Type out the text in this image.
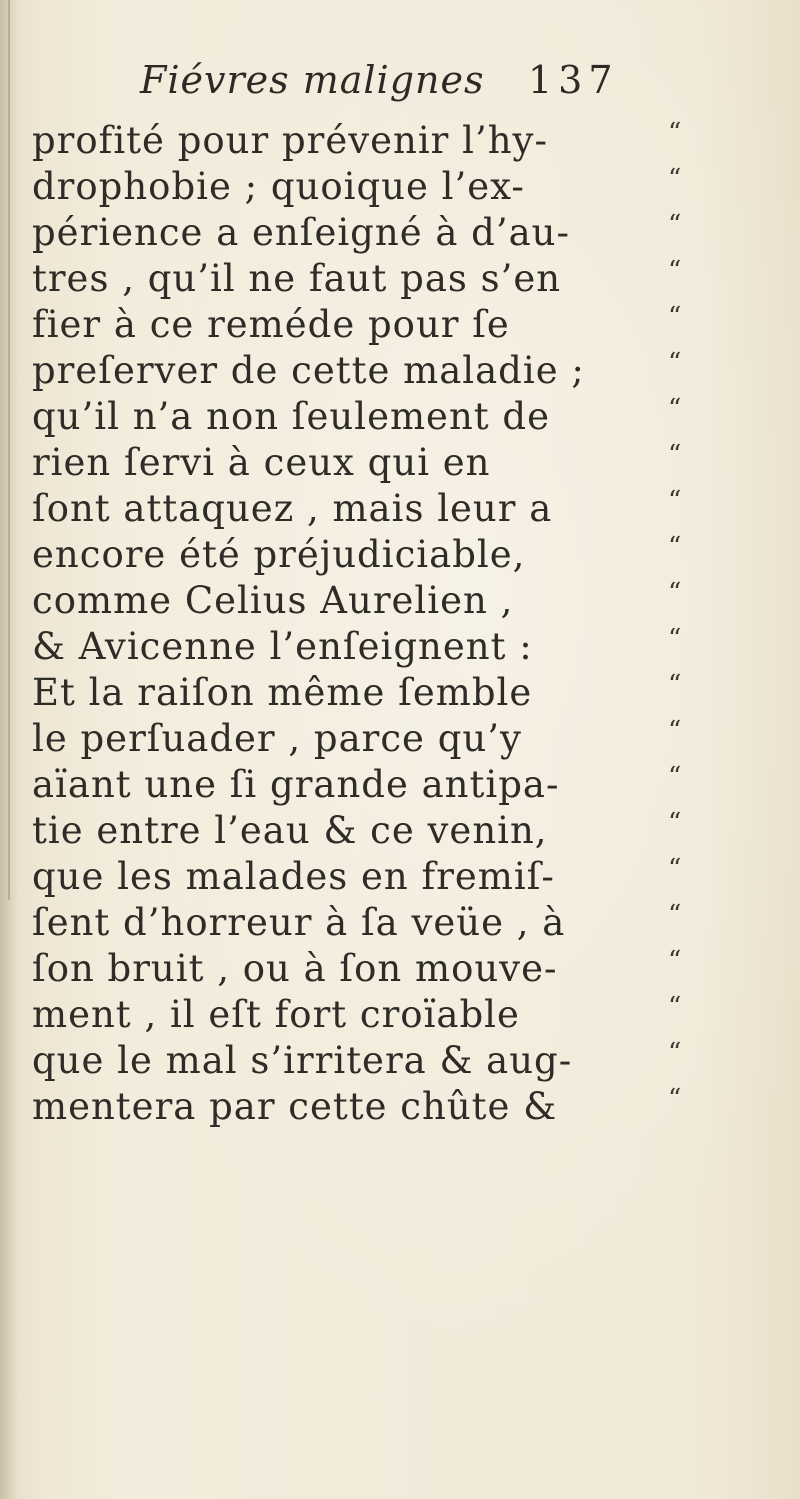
Fiévres malignes 137
profité pour prévenir l’hy-	“
drophobie ; quoique l’ex-	“
périence a enſeigné à d’au-	“
tres , qu’il ne faut pas s’en	“
fier à ce reméde pour ſe	“
preſerver de cette maladie ;	“
qu’il n’a non ſeulement de	“
rien ſervi à ceux qui en	“
ſont attaquez , mais leur a	“
encore été préjudiciable,	“
comme Celius Aurelien ,	“
& Avicenne l’enſeignent :	“
Et la raiſon même ſemble	“
le perſuader , parce qu’y	“
aïant une ſi grande antipa-	“
tie entre l’eau & ce venin,	“
que les malades en fremiſ-	“
ſent d’horreur à ſa veüe , à	“
ſon bruit , ou à ſon mouve-	“
ment , il eſt fort croïable	“
que le mal s’irritera & aug-	“
mentera par cette chûte &	“
